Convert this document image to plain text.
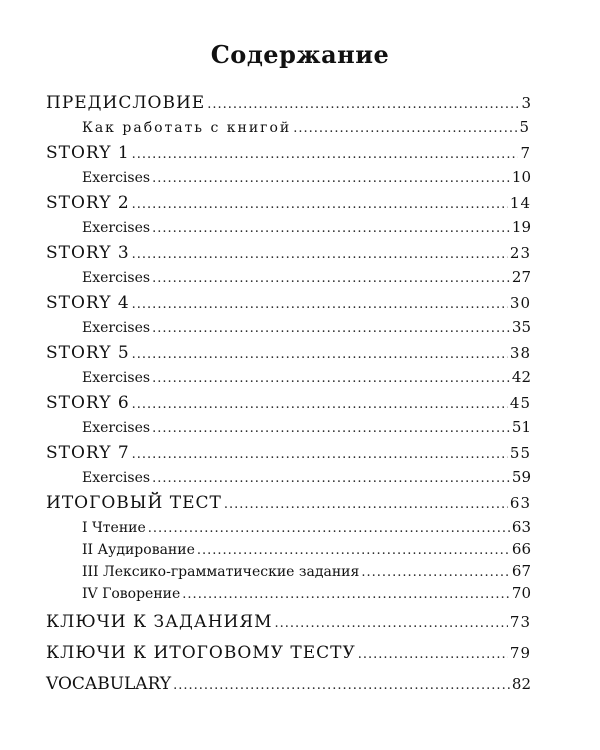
Содержание
ПРЕДИСЛОВИЕ .....	3
Как работать с книгой .....	5
STORY 1 .....	7
Exercises .....	10
STORY 2 .....	14
Exercises .....	19
STORY 3 .....	23
Exercises .....	27
STORY 4 .....	30
Exercises .....	35
STORY 5 .....	38
Exercises .....	42
STORY 6 .....	45
Exercises .....	51
STORY 7 .....	55
Exercises .....	59
ИТОГОВЫЙ ТЕСТ .....	63
I Чтение .....	63
II Аудирование .....	66
III Лексико-грамматические задания .....	67
IV Говорение .....	70
КЛЮЧИ К ЗАДАНИЯМ .....	73
КЛЮЧИ К ИТОГОВОМУ ТЕСТУ .....	79
VOCABULARY .....	82
